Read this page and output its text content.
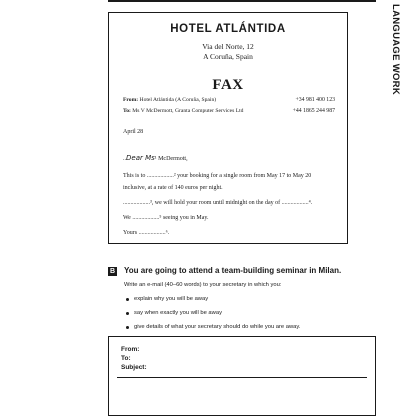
LANGUAGE WORK
HOTEL ATLÁNTIDA
Via del Norte, 12
A Coruña, Spain
FAX
From: Hotel Atlántida (A Coruña, Spain)	+34 981 400 123
To: Ms V McDermott, Granta Computer Services Ltd	+44 1865 244 987
April 28
..Dear Ms¹ McDermott,
This is to ..................² your booking for a single room from May 17 to May 20
inclusive, at a rate of 140 euros per night.
..................³, we will hold your room until midnight on the day of ..................⁴.
We ..................⁵ seeing you in May.
Yours ..................⁶.
B You are going to attend a team-building seminar in Milan.
Write an e-mail (40–60 words) to your secretary in which you:
explain why you will be away
say when exactly you will be away
give details of what your secretary should do while you are away.
From:
To:
Subject:
